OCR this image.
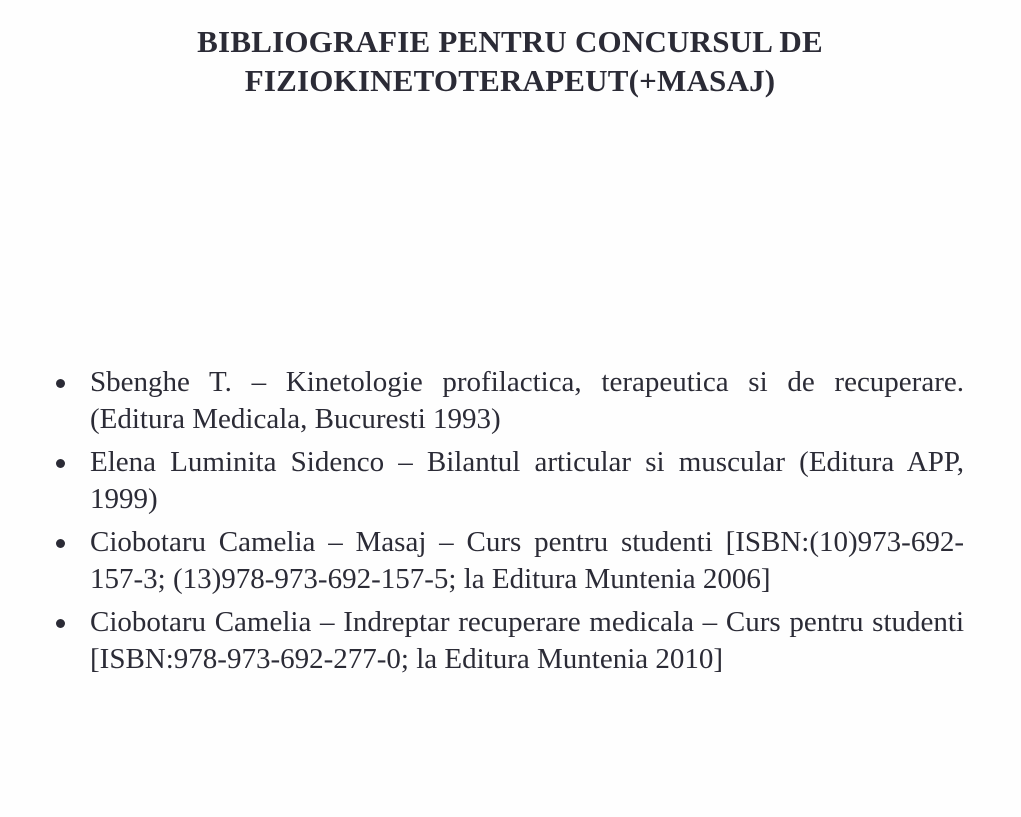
BIBLIOGRAFIE PENTRU CONCURSUL DE
FIZIOKINETOTERAPEUT(+MASAJ)
Sbenghe T. – Kinetologie profilactica, terapeutica si de recuperare. (Editura Medicala, Bucuresti 1993)
Elena Luminita Sidenco – Bilantul articular si muscular (Editura APP, 1999)
Ciobotaru Camelia – Masaj – Curs pentru studenti [ISBN:(10)973-692-157-3; (13)978-973-692-157-5; la Editura Muntenia 2006]
Ciobotaru Camelia – Indreptar recuperare medicala – Curs pentru studenti [ISBN:978-973-692-277-0; la Editura Muntenia 2010]
